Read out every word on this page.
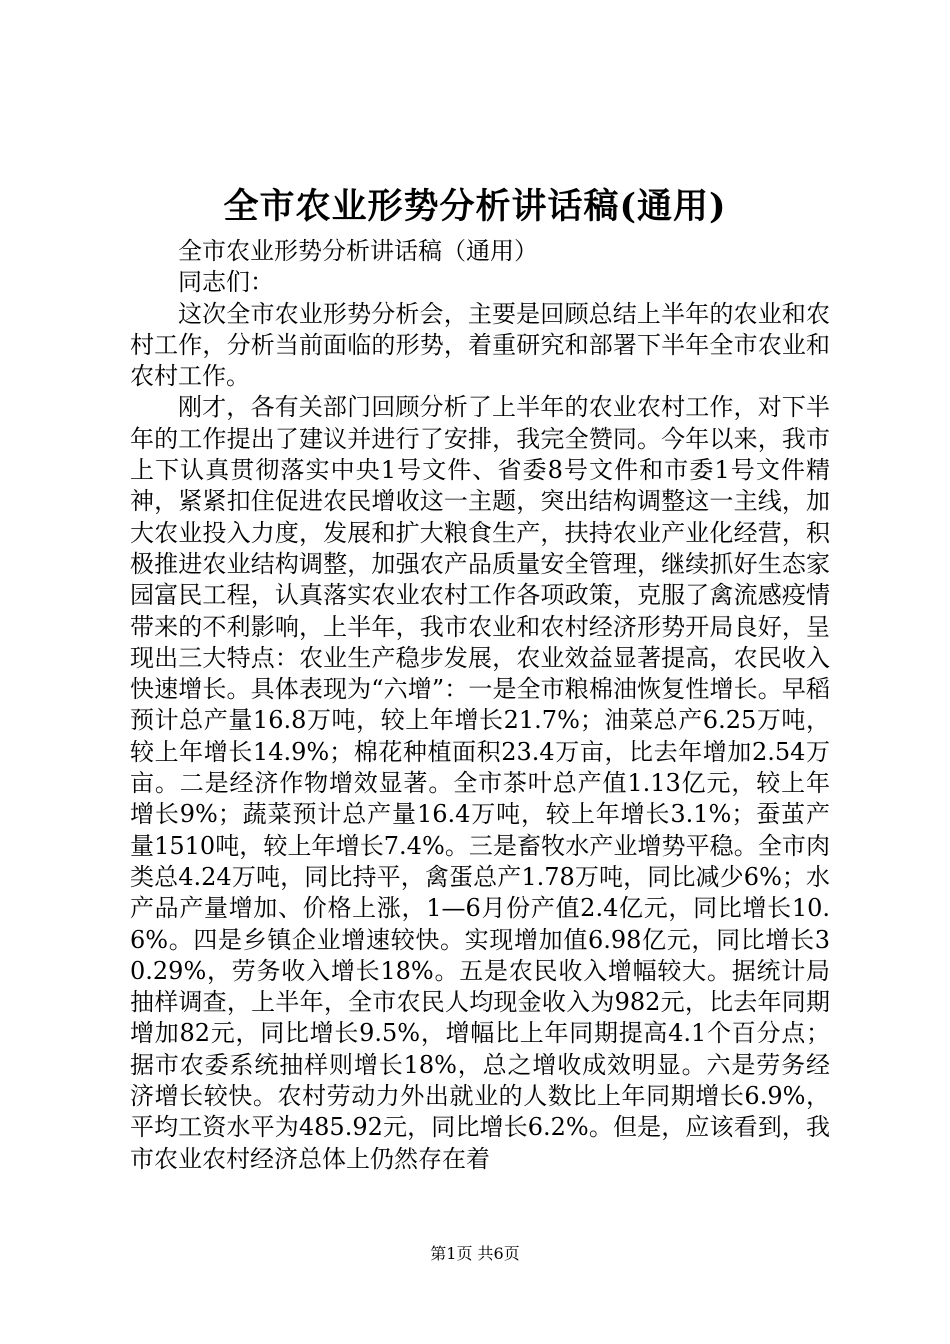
全市农业形势分析讲话稿(通用)

全市农业形势分析讲话稿（通用）

同志们：

这次全市农业形势分析会，主要是回顾总结上半年的农业和农村工作，分析当前面临的形势，着重研究和部署下半年全市农业和农村工作。

刚才，各有关部门回顾分析了上半年的农业农村工作，对下半年的工作提出了建议并进行了安排，我完全赞同。今年以来，我市上下认真贯彻落实中央1号文件、省委8号文件和市委1号文件精神，紧紧扣住促进农民增收这一主题，突出结构调整这一主线，加大农业投入力度，发展和扩大粮食生产，扶持农业产业化经营，积极推进农业结构调整，加强农产品质量安全管理，继续抓好生态家园富民工程，认真落实农业农村工作各项政策，克服了禽流感疫情带来的不利影响，上半年，我市农业和农村经济形势开局良好，呈现出三大特点：农业生产稳步发展，农业效益显著提高，农民收入快速增长。具体表现为“六增”：一是全市粮棉油恢复性增长。早稻预计总产量16.8万吨，较上年增长21.7%；油菜总产6.25万吨，较上年增长14.9%；棉花种植面积23.4万亩，比去年增加2.54万亩。二是经济作物增效显著。全市茶叶总产值1.13亿元，较上年增长9%；蔬菜预计总产量16.4万吨，较上年增长3.1%；蚕茧产量1510吨，较上年增长7.4%。三是畜牧水产业增势平稳。全市肉类总4.24万吨，同比持平，禽蛋总产1.78万吨，同比减少6%；水产品产量增加、价格上涨，1—6月份产值2.4亿元，同比增长10.6%。四是乡镇企业增速较快。实现增加值6.98亿元，同比增长30.29%，劳务收入增长18%。五是农民收入增幅较大。据统计局抽样调查，上半年，全市农民人均现金收入为982元，比去年同期增加82元，同比增长9.5%，增幅比上年同期提高4.1个百分点；据市农委系统抽样则增长18%，总之增收成效明显。六是劳务经济增长较快。农村劳动力外出就业的人数比上年同期增长6.9%，平均工资水平为485.92元，同比增长6.2%。但是，应该看到，我市农业农村经济总体上仍然存在着

第1页 共6页
